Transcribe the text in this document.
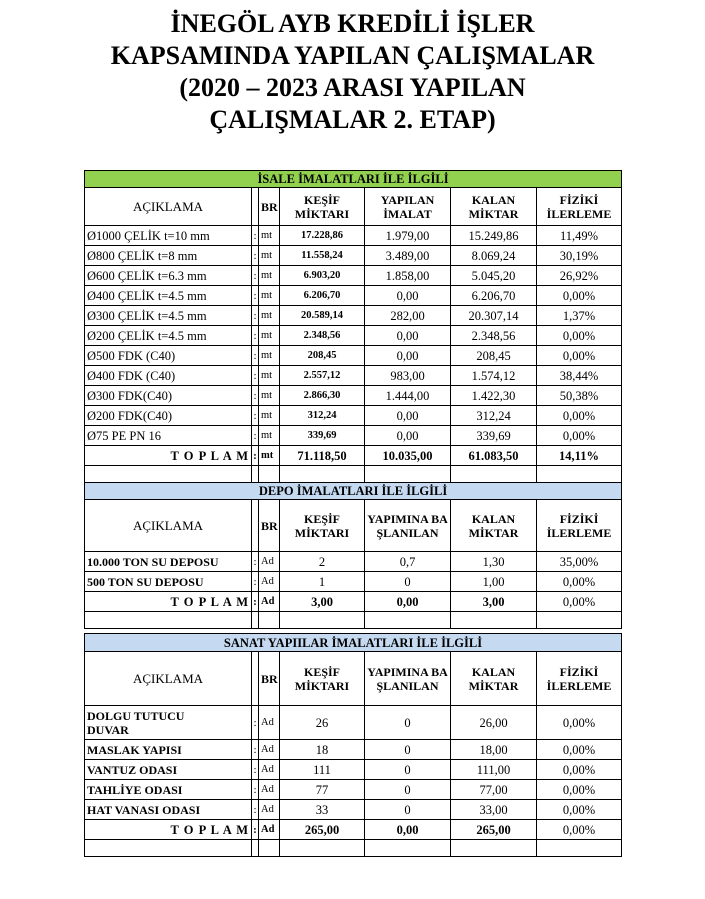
İNEGÖL AYB KREDİLİ İŞLER
KAPSAMINDA YAPILAN ÇALIŞMALAR
(2020 – 2023 ARASI YAPILAN
ÇALIŞMALAR 2. ETAP)
İSALE İMALATLARI İLE İLGİLİ						
AÇIKLAMA		BR	KEŞİF MİKTARI	YAPILAN İMALAT	KALAN MİKTAR	FİZİKİ İLERLEME
Ø1000 ÇELİK t=10 mm	:	mt	17.228,86	1.979,00	15.249,86	11,49%
Ø800 ÇELİK t=8 mm	:	mt	11.558,24	3.489,00	8.069,24	30,19%
Ø600 ÇELİK t=6.3 mm	:	mt	6.903,20	1.858,00	5.045,20	26,92%
Ø400 ÇELİK t=4.5 mm	:	mt	6.206,70	0,00	6.206,70	0,00%
Ø300 ÇELİK t=4.5 mm	:	mt	20.589,14	282,00	20.307,14	1,37%
Ø200 ÇELİK t=4.5 mm	:	mt	2.348,56	0,00	2.348,56	0,00%
Ø500 FDK (C40)	:	mt	208,45	0,00	208,45	0,00%
Ø400 FDK (C40)	:	mt	2.557,12	983,00	1.574,12	38,44%
Ø300 FDK(C40)	:	mt	2.866,30	1.444,00	1.422,30	50,38%
Ø200 FDK(C40)	:	mt	312,24	0,00	312,24	0,00%
Ø75 PE PN 16	:	mt	339,69	0,00	339,69	0,00%
T O P L A M	:	mt	71.118,50	10.035,00	61.083,50	14,11%

DEPO İMALATLARI İLE İLGİLİ						
AÇIKLAMA		BR	KEŞİF MİKTARI	YAPIMINA BAŞLANILAN	KALAN MİKTAR	FİZİKİ İLERLEME
10.000 TON SU DEPOSU	:	Ad	2	0,7	1,30	35,00%
500 TON SU DEPOSU	:	Ad	1	0	1,00	0,00%
T O P L A M	:	Ad	3,00	0,00	3,00	0,00%

SANAT YAPIILAR İMALATLARI İLE İLGİLİ						
AÇIKLAMA		BR	KEŞİF MİKTARI	YAPIMINA BAŞLANILAN	KALAN MİKTAR	FİZİKİ İLERLEME
DOLGU TUTUCU DUVAR	:	Ad	26	0	26,00	0,00%
MASLAK YAPISI	:	Ad	18	0	18,00	0,00%
VANTUZ ODASI	:	Ad	111	0	111,00	0,00%
TAHLİYE ODASI	:	Ad	77	0	77,00	0,00%
HAT VANASI ODASI	:	Ad	33	0	33,00	0,00%
T O P L A M	:	Ad	265,00	0,00	265,00	0,00%
